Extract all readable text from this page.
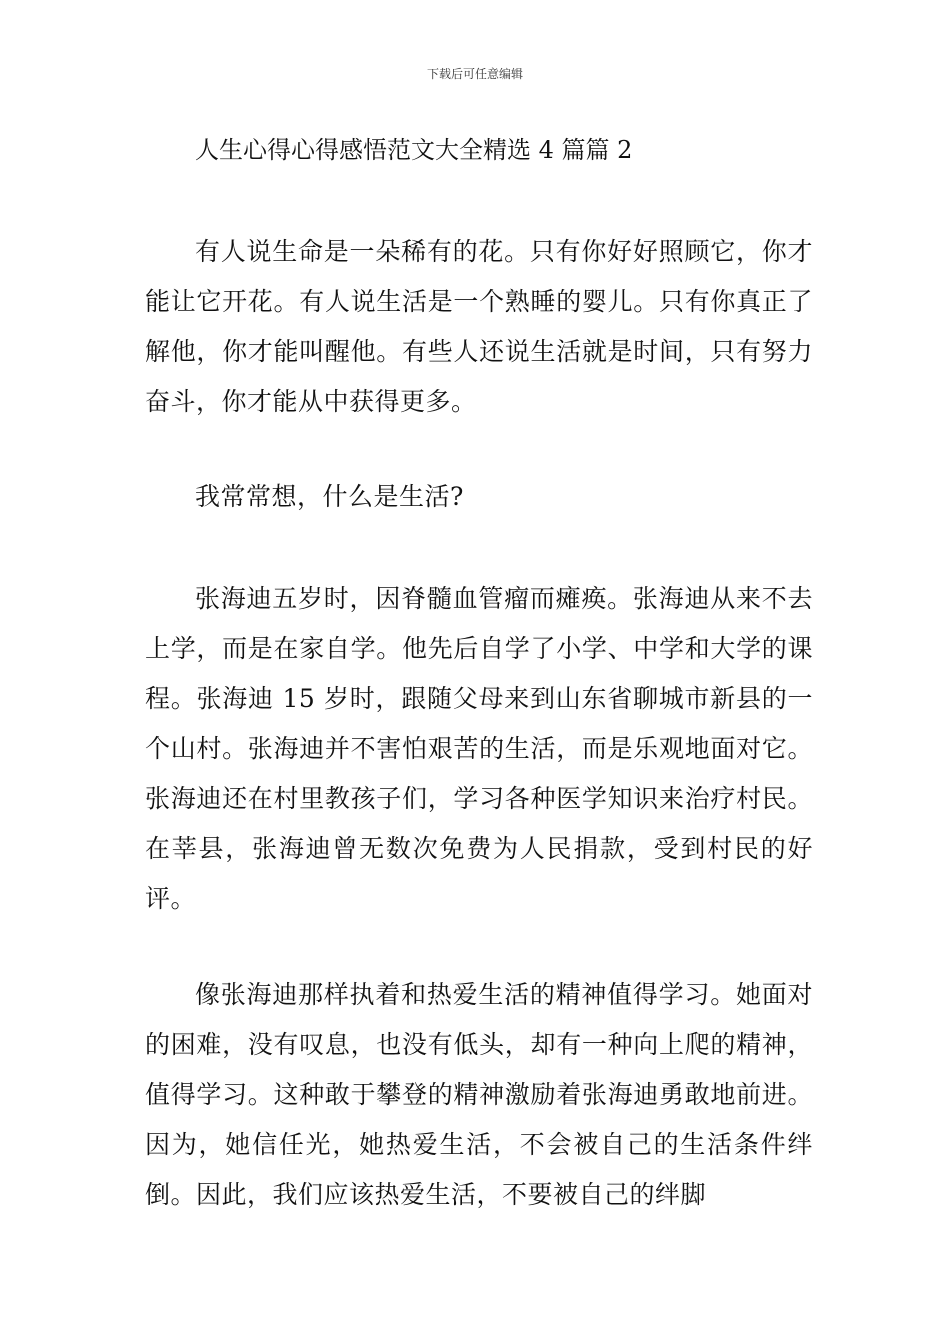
下载后可任意编辑
人生心得心得感悟范文大全精选 4 篇篇 2

有人说生命是一朵稀有的花。只有你好好照顾它，你才能让它开花。有人说生活是一个熟睡的婴儿。只有你真正了解他，你才能叫醒他。有些人还说生活就是时间，只有努力奋斗，你才能从中获得更多。

我常常想，什么是生活?

张海迪五岁时，因脊髓血管瘤而瘫痪。张海迪从来不去上学，而是在家自学。他先后自学了小学、中学和大学的课程。张海迪 15 岁时，跟随父母来到山东省聊城市新县的一个山村。张海迪并不害怕艰苦的生活，而是乐观地面对它。张海迪还在村里教孩子们，学习各种医学知识来治疗村民。在莘县，张海迪曾无数次免费为人民捐款，受到村民的好评。

像张海迪那样执着和热爱生活的精神值得学习。她面对的困难，没有叹息，也没有低头，却有一种向上爬的精神，值得学习。这种敢于攀登的精神激励着张海迪勇敢地前进。因为，她信任光，她热爱生活，不会被自己的生活条件绊倒。因此，我们应该热爱生活，不要被自己的绊脚
